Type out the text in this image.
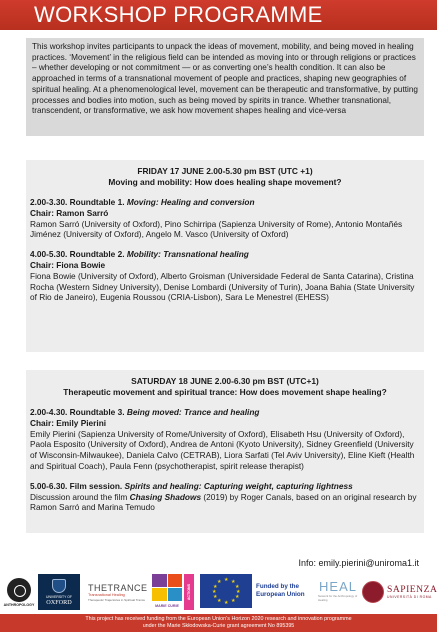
WORKSHOP PROGRAMME

This workshop invites participants to unpack the ideas of movement, mobility, and being moved in healing practices. ‘Movement’ in the religious field can be intended as moving into or through religions or practices – whether developing or not commitment — or as converting one’s health condition. It can also be approached in terms of a transnational movement of people and practices, shaping new geographies of spiritual healing. At a phenomenological level, movement can be therapeutic and transformative, by putting processes and bodies into motion, such as being moved by spirits in trance. Whether transnational, transcendent, or transformative, we ask how movement shapes healing and vice-versa

FRIDAY 17 JUNE 2.00-5.30 pm BST (UTC +1)
Moving and mobility: How does healing shape movement?
2.00-3.30. Roundtable 1. Moving: Healing and conversion
Chair: Ramon Sarró
Ramon Sarró (University of Oxford), Pino Schirripa (Sapienza University of Rome), Antonio Montañés Jiménez (University of Oxford), Angelo M. Vasco (University of Oxford)
4.00-5.30. Roundtable 2. Mobility: Transnational healing
Chair: Fiona Bowie
Fiona Bowie (University of Oxford), Alberto Groisman (Universidade Federal de Santa Catarina), Cristina Rocha (Western Sidney University), Denise Lombardi (University of Turin), Joana Bahia (State University of Rio de Janeiro), Eugenia Roussou (CRIA-Lisbon), Sara Le Menestrel (EHESS)
SATURDAY 18 JUNE 2.00-6.30 pm BST (UTC+1)
Therapeutic movement and spiritual trance: How does movement shape healing?
2.00-4.30. Roundtable 3. Being moved: Trance and healing
Chair: Emily Pierini
Emily Pierini (Sapienza University of Rome/University of Oxford), Elisabeth Hsu (University of Oxford), Paola Esposito (University of Oxford), Andrea de Antoni (Kyoto University), Sidney Greenfield (University of Wisconsin-Milwaukee), Daniela Calvo (CETRAB), Liora Sarfati (Tel Aviv University), Eline Kieft (Health and Spiritual Coach), Paula Fenn (psychotherapist, spirit release therapist)
5.00-6.30. Film session. Spirits and healing: Capturing weight, capturing lightness
Discussion around the film Chasing Shadows (2019) by Roger Canals, based on an original research by Ramon Sarró and Marina Temudo
Info: emily.pierini@uniroma1.it
ANTHROPOLOGY
UNIVERSITY OF
OXFORD
THETRANCE
Transnational Healing
Therapeutic Trajectories in Spiritual Trance
MARIE CURIE
ACTIONS
★ ★
★
★
★
★
★
★
★
★
★
★
Funded by the European Union
HEAL
Network for the Anthropology of Healing
SAPIENZA
UNIVERSITÀ DI ROMA
This project has received funding from the European Union’s Horizon 2020 research and innovation programme
under the Marie Skłodowska-Curie grant agreement No 895395
